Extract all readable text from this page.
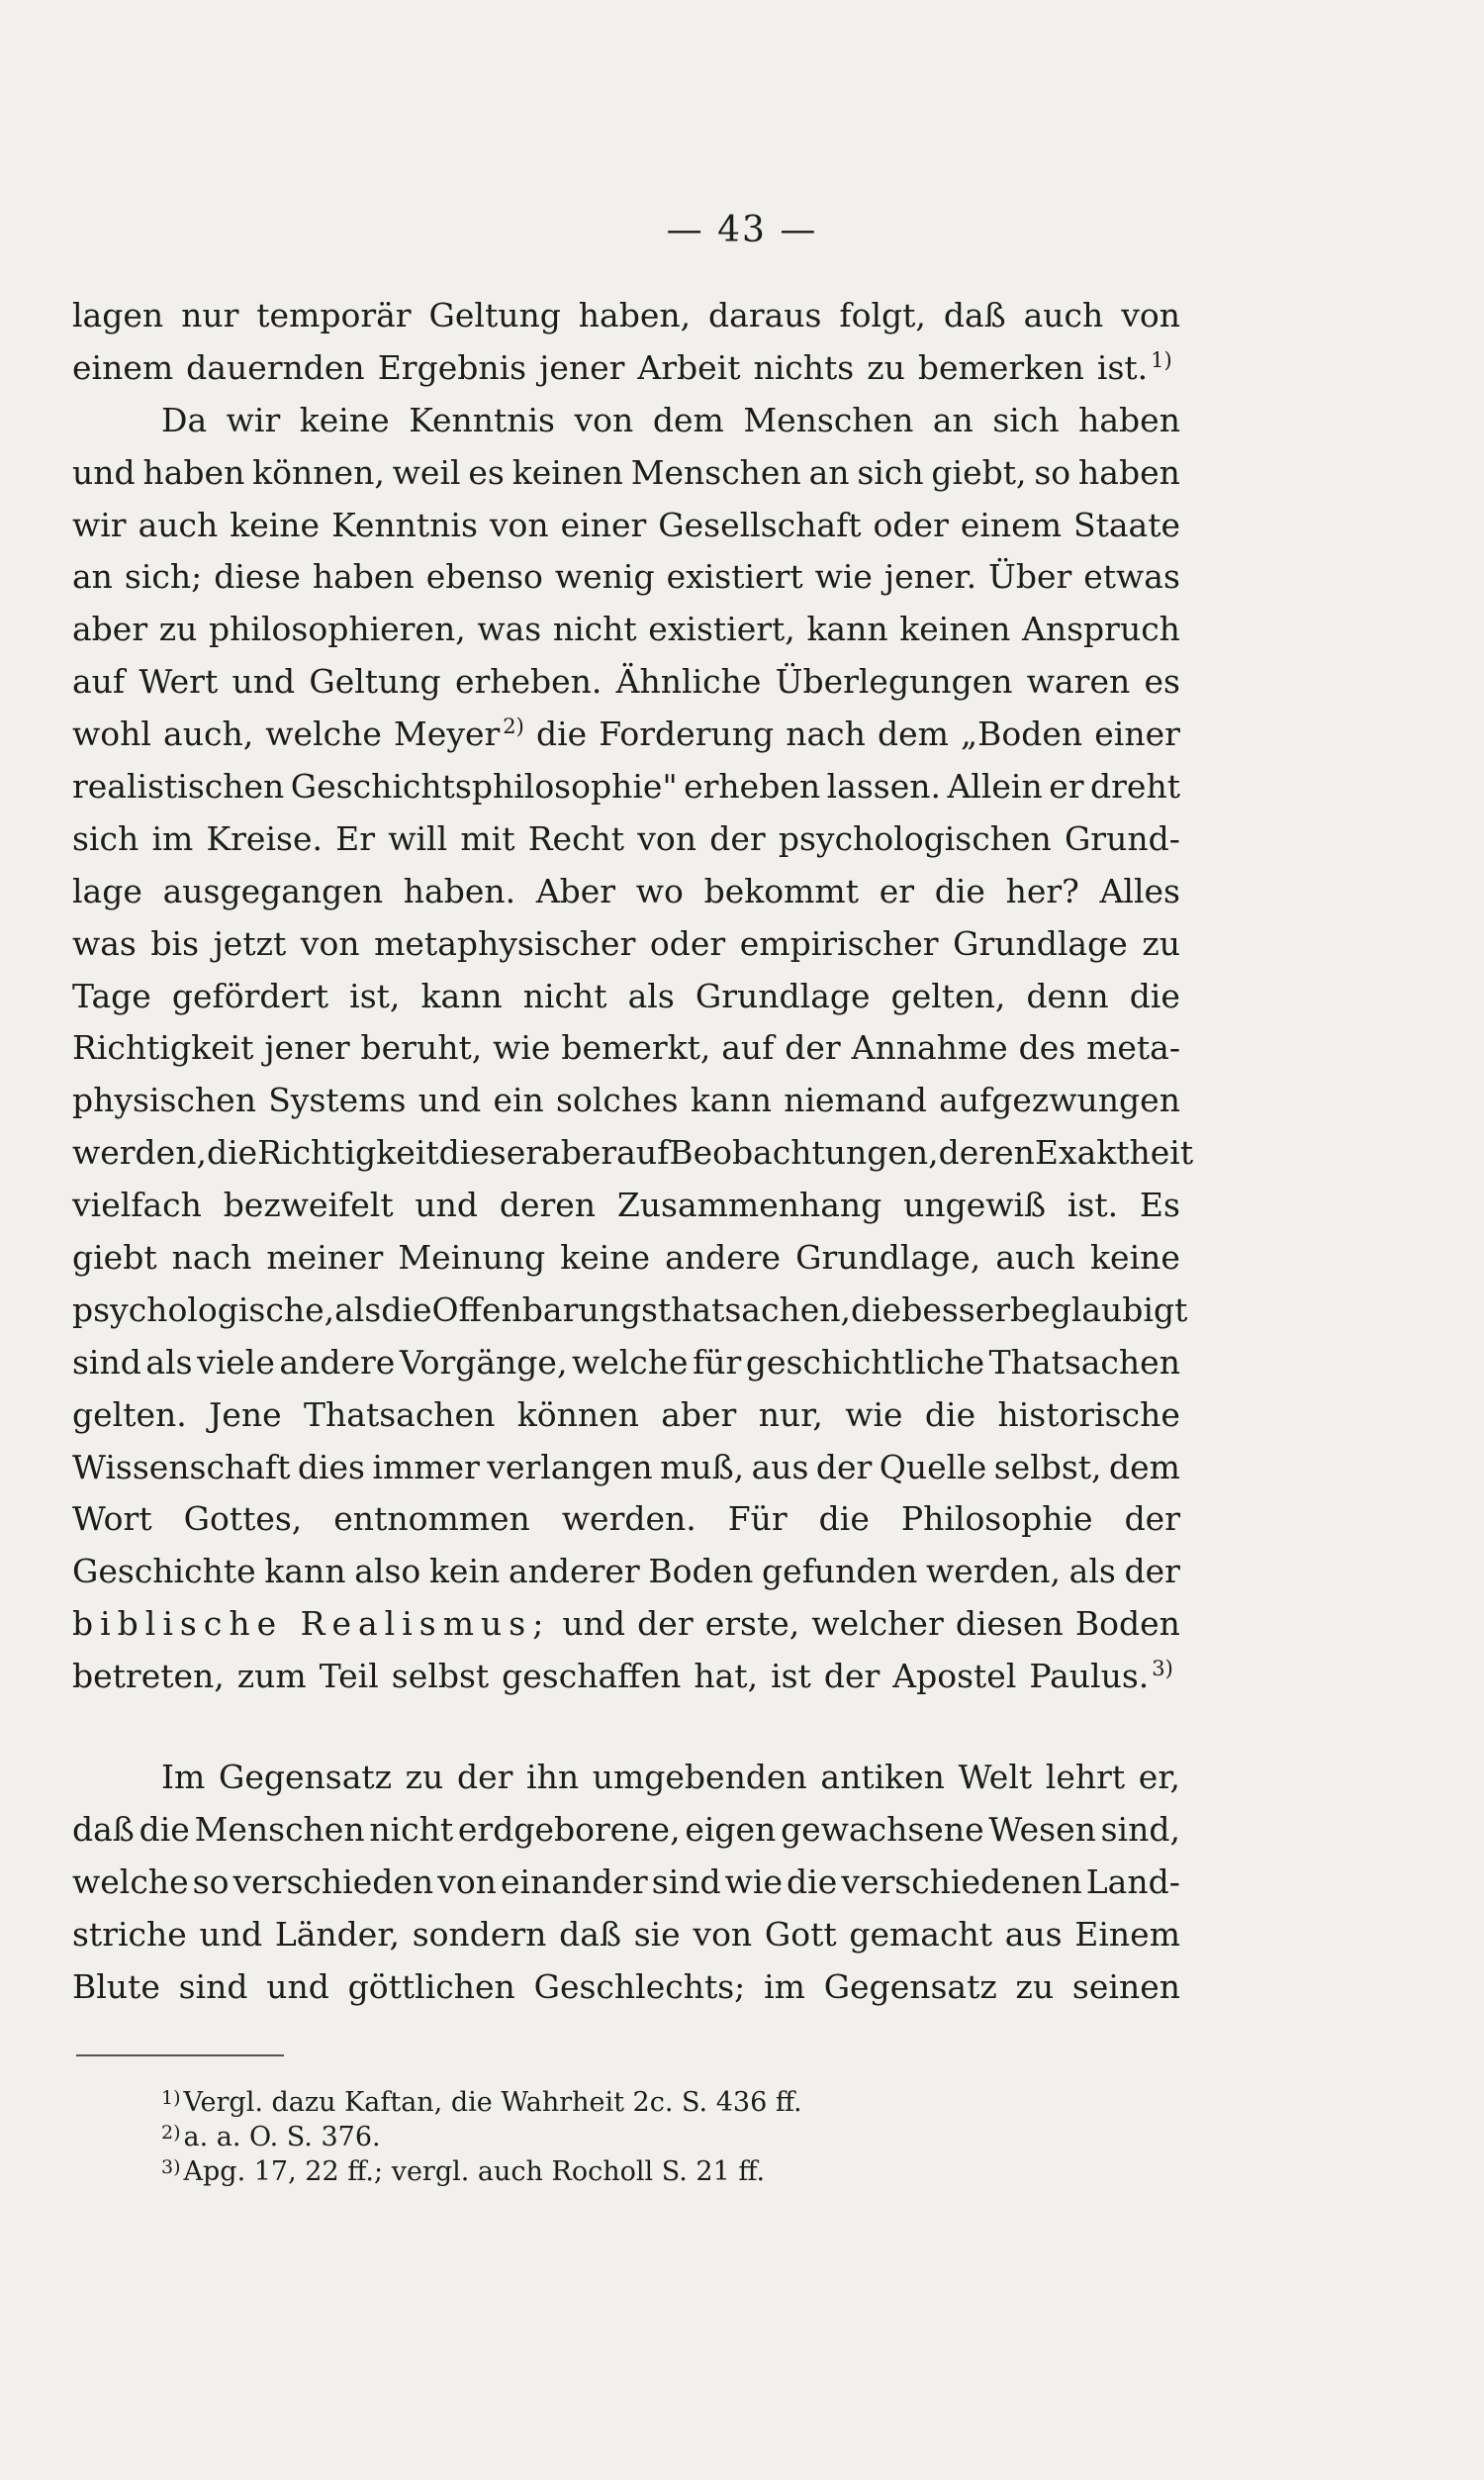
— 43 —
lagen nur temporär Geltung haben, daraus folgt, daß auch von
einem dauernden Ergebnis jener Arbeit nichts zu bemerken ist. $^{1)}$
Da wir keine Kenntnis von dem Menschen an sich haben
und haben können, weil es keinen Menschen an sich giebt, so haben
wir auch keine Kenntnis von einer Gesellschaft oder einem Staate
an sich; diese haben ebenso wenig existiert wie jener. Über etwas
aber zu philosophieren, was nicht existiert, kann keinen Anspruch
auf Wert und Geltung erheben. Ähnliche Überlegungen waren es
wohl auch, welche Meyer $^{2)}$ die Forderung nach dem „Boden einer
realistischen Geschichtsphilosophie" erheben lassen. Allein er dreht
sich im Kreise. Er will mit Recht von der psychologischen Grund-
lage ausgegangen haben. Aber wo bekommt er die her? Alles
was bis jetzt von metaphysischer oder empirischer Grundlage zu
Tage gefördert ist, kann nicht als Grundlage gelten, denn die
Richtigkeit jener beruht, wie bemerkt, auf der Annahme des meta-
physischen Systems und ein solches kann niemand aufgezwungen
werden, die Richtigkeit dieser aber auf Beobachtungen, deren Exaktheit
vielfach bezweifelt und deren Zusammenhang ungewiß ist. Es
giebt nach meiner Meinung keine andere Grundlage, auch keine
psychologische, als die Offenbarungsthatsachen, die besser beglaubigt
sind als viele andere Vorgänge, welche für geschichtliche Thatsachen
gelten. Jene Thatsachen können aber nur, wie die historische
Wissenschaft dies immer verlangen muß, aus der Quelle selbst, dem
Wort Gottes, entnommen werden. Für die Philosophie der
Geschichte kann also kein anderer Boden gefunden werden, als der
biblische Realismus; und der erste, welcher diesen Boden
betreten, zum Teil selbst geschaffen hat, ist der Apostel Paulus. $^{3)}$
Im Gegensatz zu der ihn umgebenden antiken Welt lehrt er,
daß die Menschen nicht erdgeborene, eigen gewachsene Wesen sind,
welche so verschieden von einander sind wie die verschiedenen Land-
striche und Länder, sondern daß sie von Gott gemacht aus Einem
Blute sind und göttlichen Geschlechts; im Gegensatz zu seinen
$^{1)}$ Vergl. dazu Kaftan, die Wahrheit 2c. S. 436 ff.
$^{2)}$ a. a. O. S. 376.
$^{3)}$ Apg. 17, 22 ff.; vergl. auch Rocholl S. 21 ff.
